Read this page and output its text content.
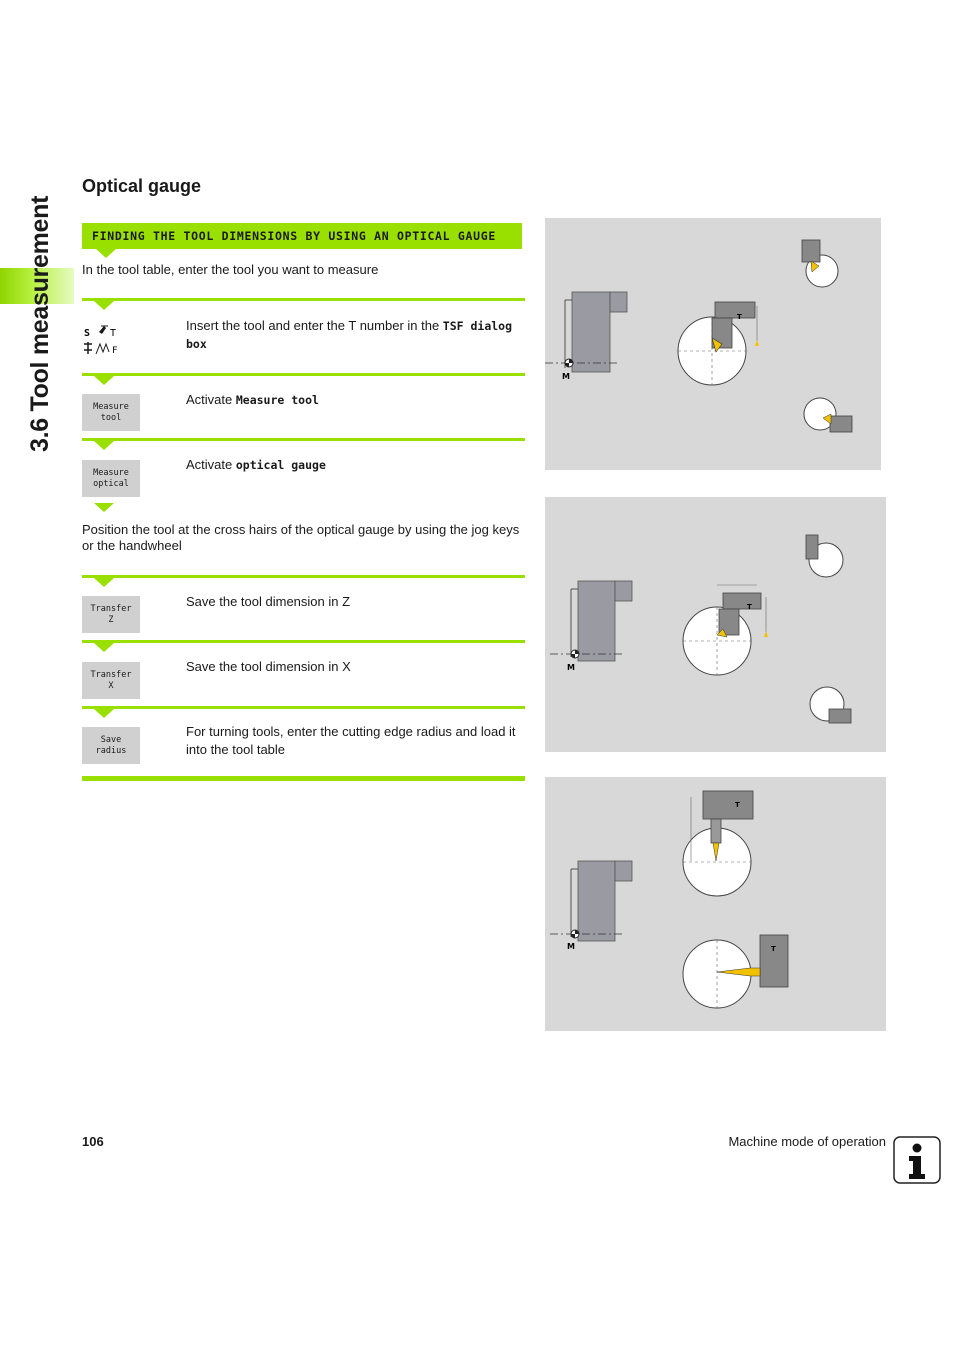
3.6 Tool measurement
Optical gauge
FINDING THE TOOL DIMENSIONS BY USING AN OPTICAL GAUGE
In the tool table, enter the tool you want to measure
S T
F
Insert the tool and enter the T number in the TSF dialog box
Measure
tool
Activate Measure tool
Measure
optical
Activate optical gauge
Position the tool at the cross hairs of the optical gauge by using the jog keys or the handwheel
Transfer
Z
Save the tool dimension in Z
Transfer
X
Save the tool dimension in X
Save
radius
For turning tools, enter the cutting edge radius and load it into the tool table
M
T
M
T
M
T
T
106	Machine mode of operation
